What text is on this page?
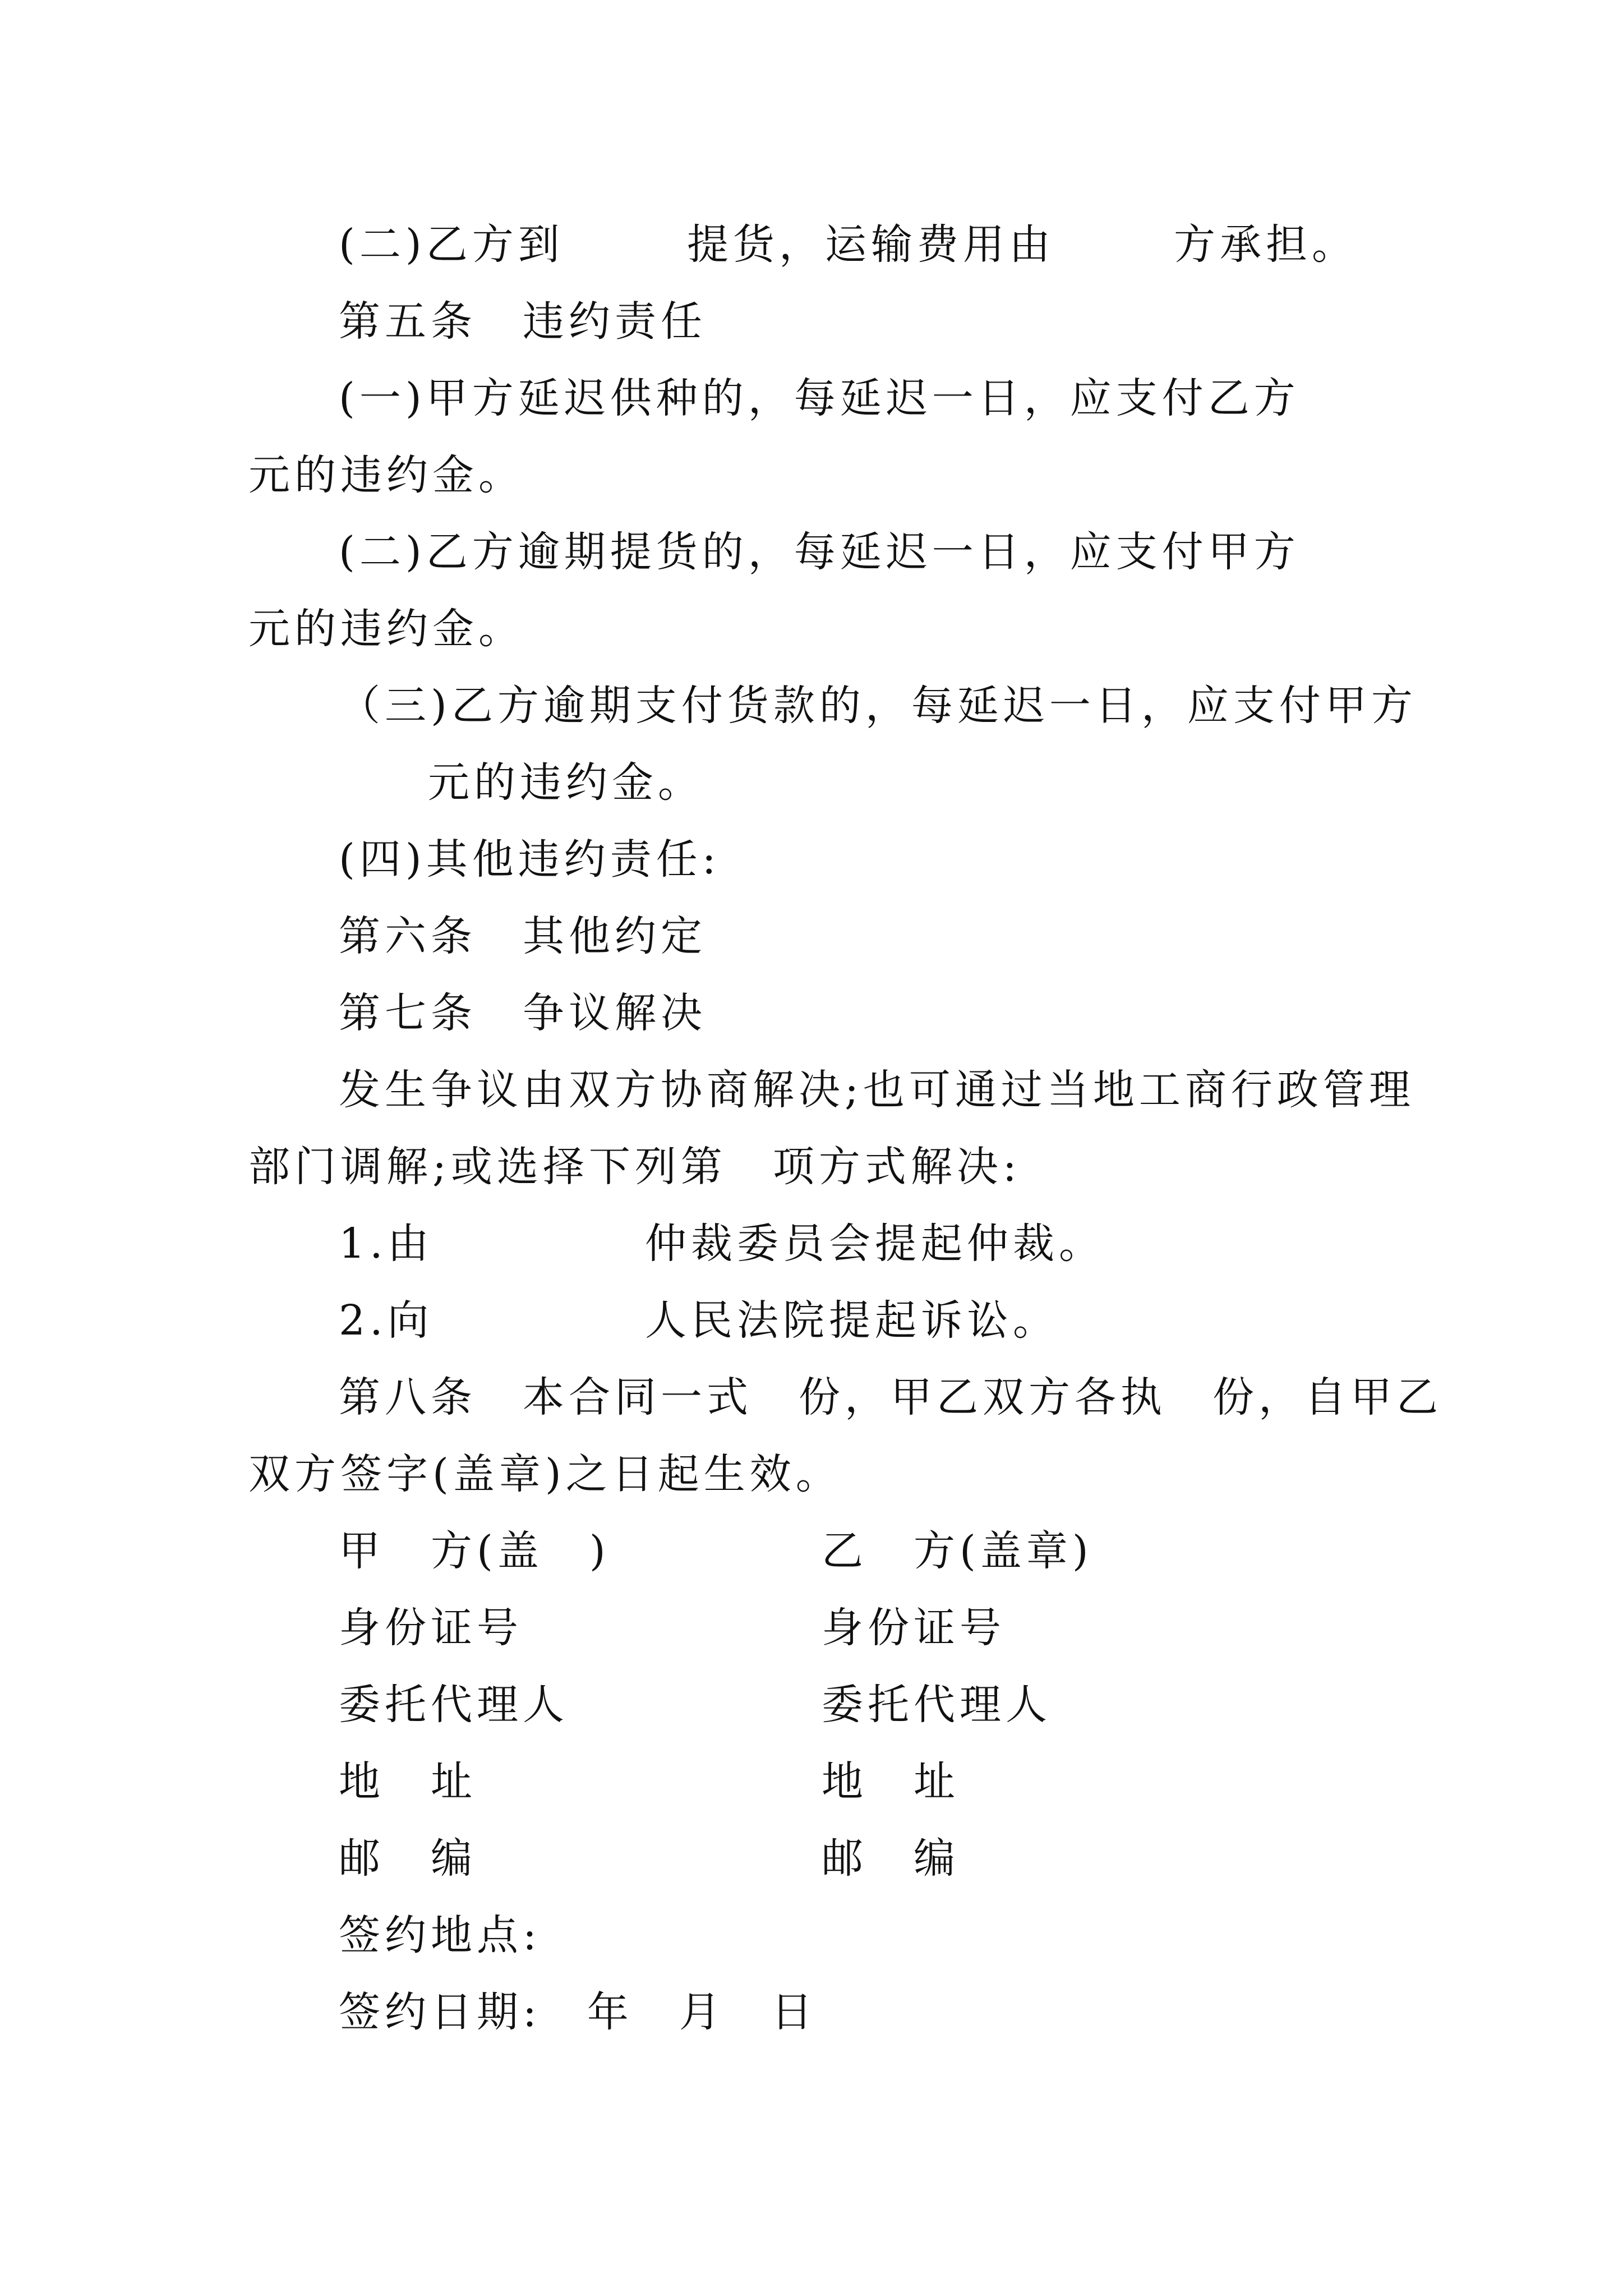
(二)乙方到	提货，运输费用由	方承担。
第五条　违约责任
(一)甲方延迟供种的，每延迟一日，应支付乙方
元的违约金。
(二)乙方逾期提货的，每延迟一日，应支付甲方
元的违约金。
（三)乙方逾期支付货款的，每延迟一日，应支付甲方
元的违约金。
(四)其他违约责任:
第六条　其他约定
第七条　争议解决
发生争议由双方协商解决;也可通过当地工商行政管理
部门调解;或选择下列第　项方式解决:
1.由	仲裁委员会提起仲裁。
2.向	人民法院提起诉讼。
第八条　本合同一式　份，甲乙双方各执　份，自甲乙
双方签字(盖章)之日起生效。
甲　方(盖　)	乙　方(盖章)
身份证号	身份证号
委托代理人	委托代理人
地　址	地　址
邮　编	邮　编
签约地点:
签约日期:　年　月　日
